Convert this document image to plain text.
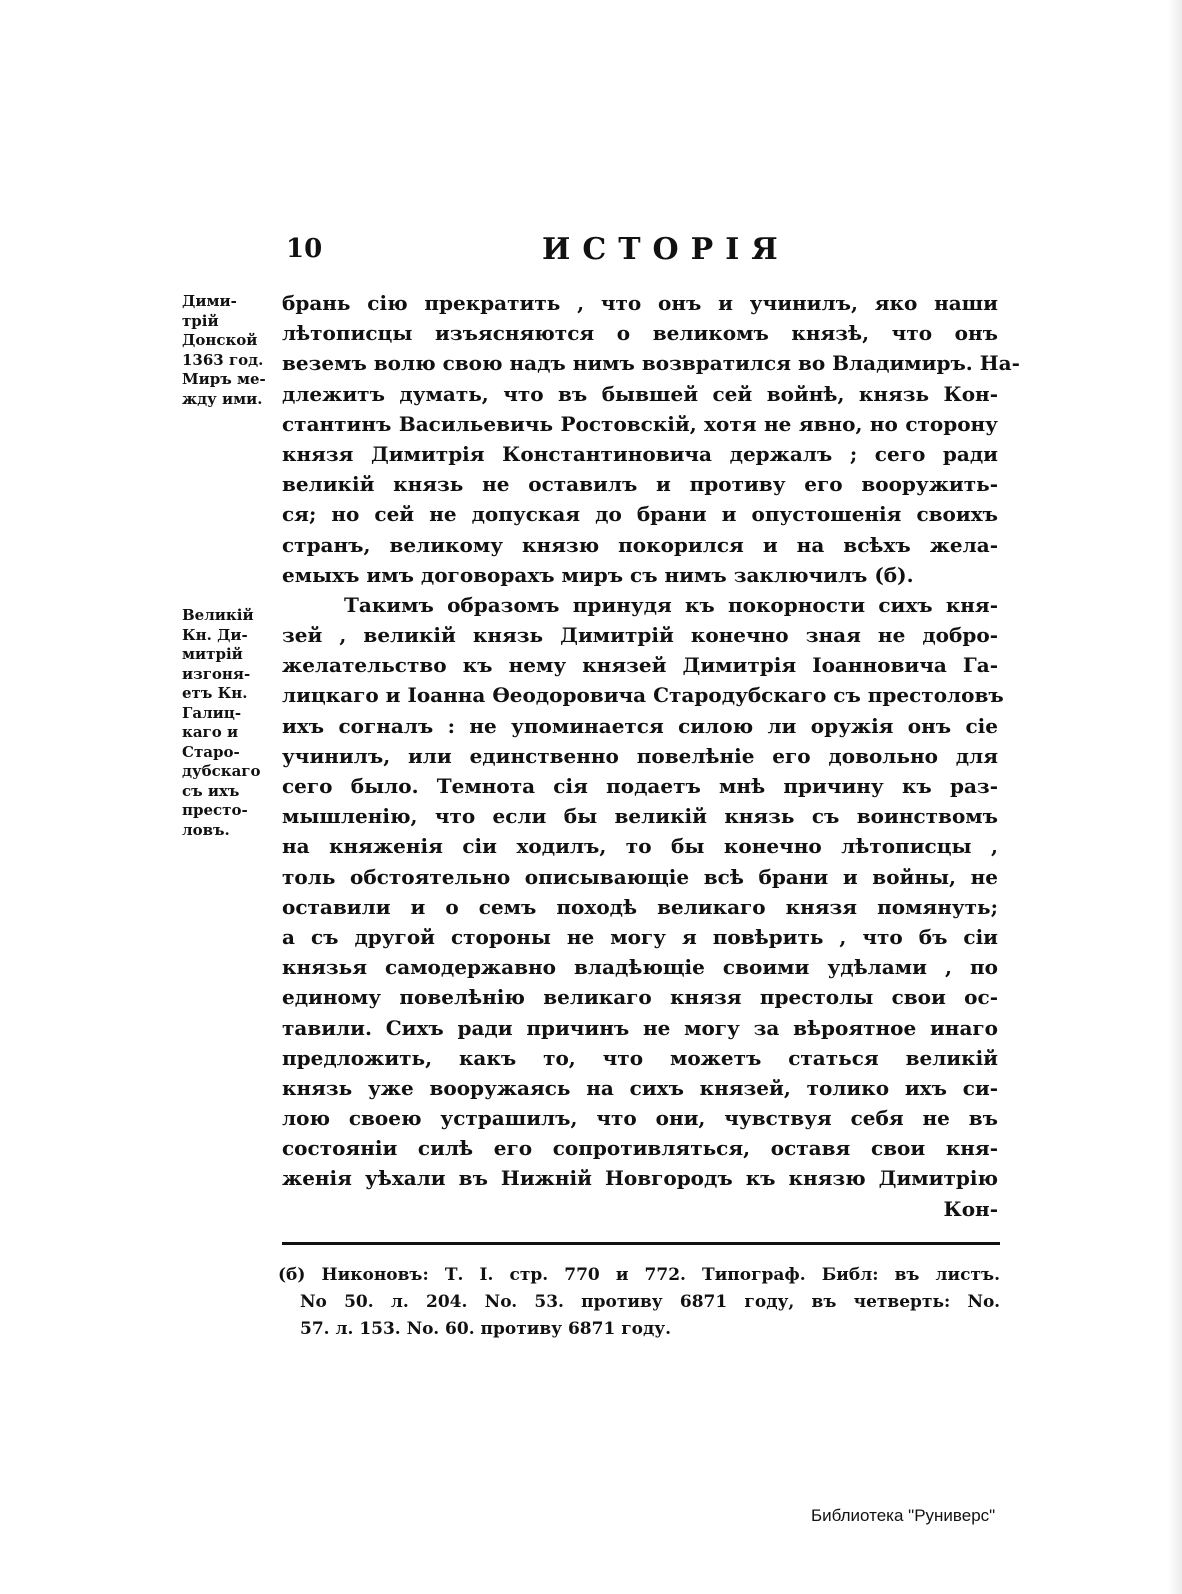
10	ИСТОРІЯ
Дими-
трій
Донской
1363 год.
Миръ ме-
жду ими.
Великій
Кн. Ди-
митрій
изгоня-
етъ Кн.
Галиц-
каго и
Старо-
дубскаго
съ ихъ
престо-
ловъ.
брань сію прекратить , что онъ и учинилъ, яко наши
лѣтописцы изъясняются о великомъ князѣ, что онъ
веземъ волю свою надъ нимъ возвратился во Владимиръ. На-
длежитъ думать, что въ бывшей сей войнѣ, князь Кон-
стантинъ Васильевичь Ростовскій, хотя не явно, но сторону
князя Димитрія Константиновича держалъ ; сего ради
великій князь не оставилъ и противу его вооружить-
ся; но сей не допуская до брани и опустошенія своихъ
странъ, великому князю покорился и на всѣхъ жела-
емыхъ имъ договорахъ миръ съ нимъ заключилъ (б).
Такимъ образомъ принудя къ покорности сихъ кня-
зей , великій князь Димитрій конечно зная не добро-
желательство къ нему князей Димитрія Іоанновича Га-
лицкаго и Іоанна Ѳеодоровича Стародубскаго съ престоловъ
ихъ согналъ : не упоминается силою ли оружія онъ сіе
учинилъ, или единственно повелѣніе его довольно для
сего было. Темнота сія подаетъ мнѣ причину къ раз-
мышленію, что если бы великій князь съ воинствомъ
на княженія сіи ходилъ, то бы конечно лѣтописцы ,
толь обстоятельно описывающіе всѣ брани и войны, не
оставили и о семъ походѣ великаго князя помянуть;
а съ другой стороны не могу я повѣрить , что бъ сіи
князья самодержавно владѣющіе своими удѣлами , по
единому повелѣнію великаго князя престолы свои ос-
тавили. Сихъ ради причинъ не могу за вѣроятное инаго
предложить, какъ то, что можетъ статься великій
князь уже вооружаясь на сихъ князей, толико ихъ си-
лою своею устрашилъ, что они, чувствуя себя не въ
состояніи силѣ его сопротивляться, оставя свои кня-
женія уѣхали въ Нижній Новгородъ къ князю Димитрію
Кон-
(б) Никоновъ: Т. I. стр. 770 и 772. Типограф. Библ: въ листъ.
No 50. л. 204. No. 53. противу 6871 году, въ четверть: No.
57. л. 153. No. 60. противу 6871 году.
Библиотека "Руниверс"
